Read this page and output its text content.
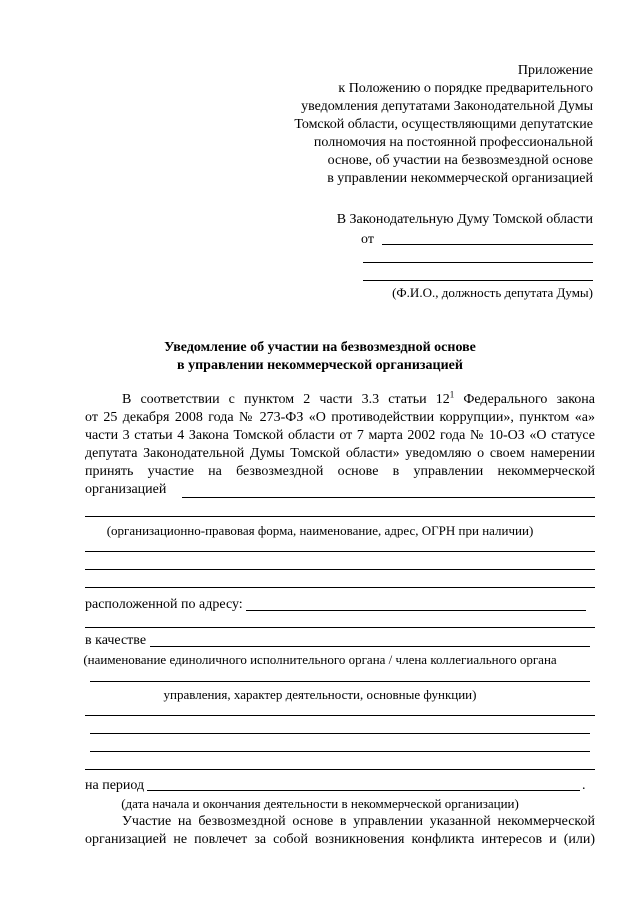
Приложение
к Положению о порядке предварительного
уведомления депутатами Законодательной Думы
Томской области, осуществляющими депутатские
полномочия на постоянной профессиональной
основе, об участии на безвозмездной основе
в управлении некоммерческой организацией
В Законодательную Думу Томской области
от
(Ф.И.О., должность депутата Думы)
Уведомление об участии на безвозмездной основе
в управлении некоммерческой организацией
В соответствии с пунктом 2 части 3.3 статьи $12^1$ Федерального закона
от 25 декабря 2008 года № 273-ФЗ «О противодействии коррупции», пунктом «а»
части 3 статьи 4 Закона Томской области от 7 марта 2002 года № 10-ОЗ «О статусе
депутата Законодательной Думы Томской области» уведомляю о своем намерении
принять участие на безвозмездной основе в управлении некоммерческой
организацией
(организационно-правовая форма, наименование, адрес, ОГРН при наличии)
расположенной по адресу:
в качестве
(наименование единоличного исполнительного органа / члена коллегиального органа
управления, характер деятельности, основные функции)
на период	.
(дата начала и окончания деятельности в некоммерческой организации)
Участие на безвозмездной основе в управлении указанной некоммерческой
организацией не повлечет за собой возникновения конфликта интересов и (или)
